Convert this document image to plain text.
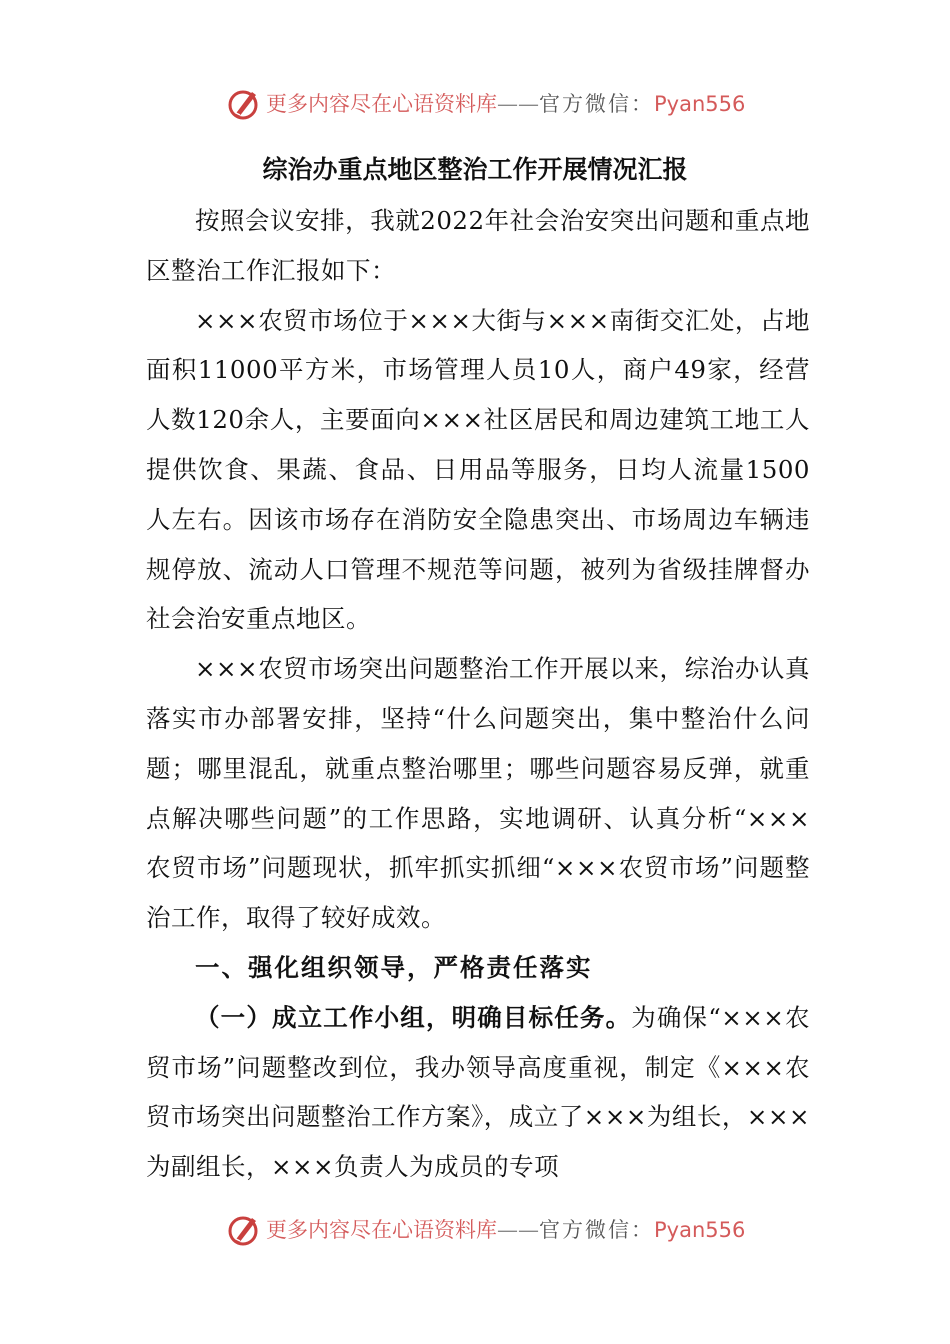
更多内容尽在心语资料库——官方微信：Pyan556
综治办重点地区整治工作开展情况汇报

按照会议安排，我就2022年社会治安突出问题和重点地区整治工作汇报如下：

×××农贸市场位于×××大街与×××南街交汇处，占地面积11000平方米，市场管理人员10人，商户49家，经营人数120余人，主要面向×××社区居民和周边建筑工地工人提供饮食、果蔬、食品、日用品等服务，日均人流量1500人左右。因该市场存在消防安全隐患突出、市场周边车辆违规停放、流动人口管理不规范等问题，被列为省级挂牌督办社会治安重点地区。

×××农贸市场突出问题整治工作开展以来，综治办认真落实市办部署安排，坚持“什么问题突出，集中整治什么问题；哪里混乱，就重点整治哪里；哪些问题容易反弹，就重点解决哪些问题”的工作思路，实地调研、认真分析“×××农贸市场”问题现状，抓牢抓实抓细“×××农贸市场”问题整治工作，取得了较好成效。

一、强化组织领导，严格责任落实

（一）成立工作小组，明确目标任务。为确保“×××农贸市场”问题整改到位，我办领导高度重视，制定《×××农贸市场突出问题整治工作方案》，成立了×××为组长，×××为副组长，×××负责人为成员的专项

更多内容尽在心语资料库——官方微信：Pyan556
